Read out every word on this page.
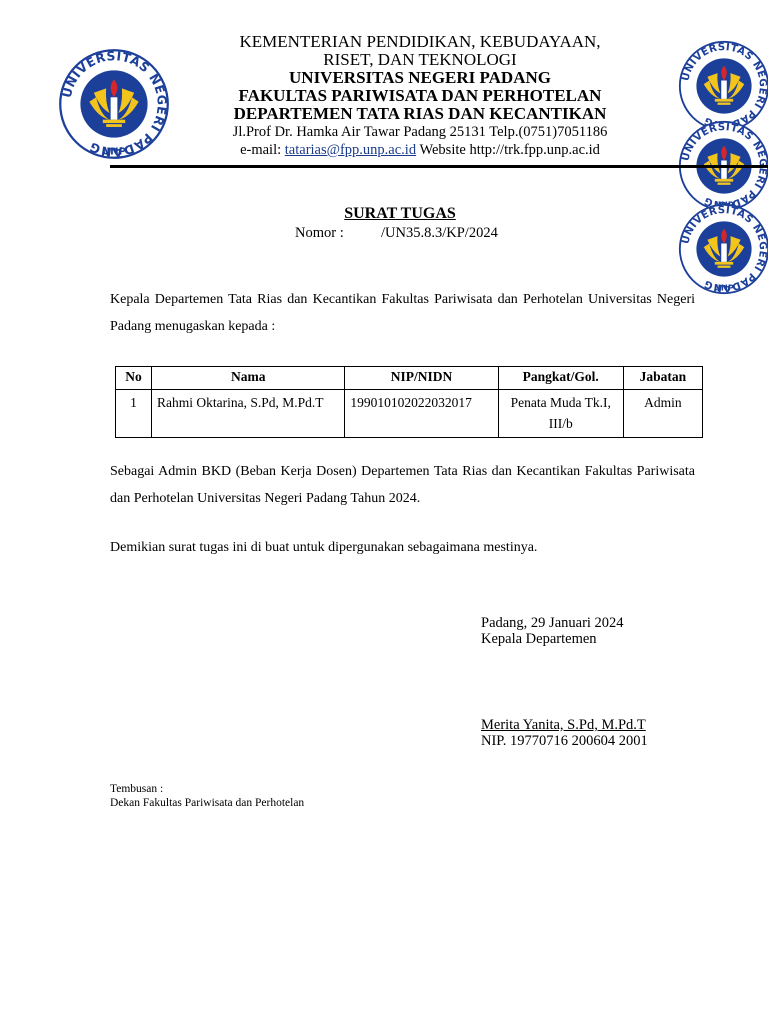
KEMENTERIAN PENDIDIKAN, KEBUDAYAAN,
RISET, DAN TEKNOLOGI
UNIVERSITAS NEGERI PADANG
FAKULTAS PARIWISATA DAN PERHOTELAN
DEPARTEMEN TATA RIAS DAN KECANTIKAN
Jl.Prof Dr. Hamka Air Tawar Padang 25131 Telp.(0751)7051186
e-mail: tatarias@fpp.unp.ac.id Website http://trk.fpp.unp.ac.id
SURAT TUGAS
Nomor :	/UN35.8.3/KP/2024
Kepala Departemen Tata Rias dan Kecantikan Fakultas Pariwisata dan Perhotelan Universitas Negeri Padang menugaskan kepada :
No	Nama	NIP/NIDN	Pangkat/Gol.	Jabatan
1	Rahmi Oktarina, S.Pd, M.Pd.T	199010102022032017	Penata Muda Tk.I, III/b	Admin
Sebagai Admin BKD (Beban Kerja Dosen) Departemen Tata Rias dan Kecantikan Fakultas Pariwisata dan Perhotelan Universitas Negeri Padang Tahun 2024.
Demikian surat tugas ini di buat untuk dipergunakan sebagaimana mestinya.
Padang, 29 Januari 2024
Kepala Departemen
Merita Yanita, S.Pd, M.Pd.T
NIP. 19770716 200604 2001
Tembusan :
Dekan Fakultas Pariwisata dan Perhotelan
